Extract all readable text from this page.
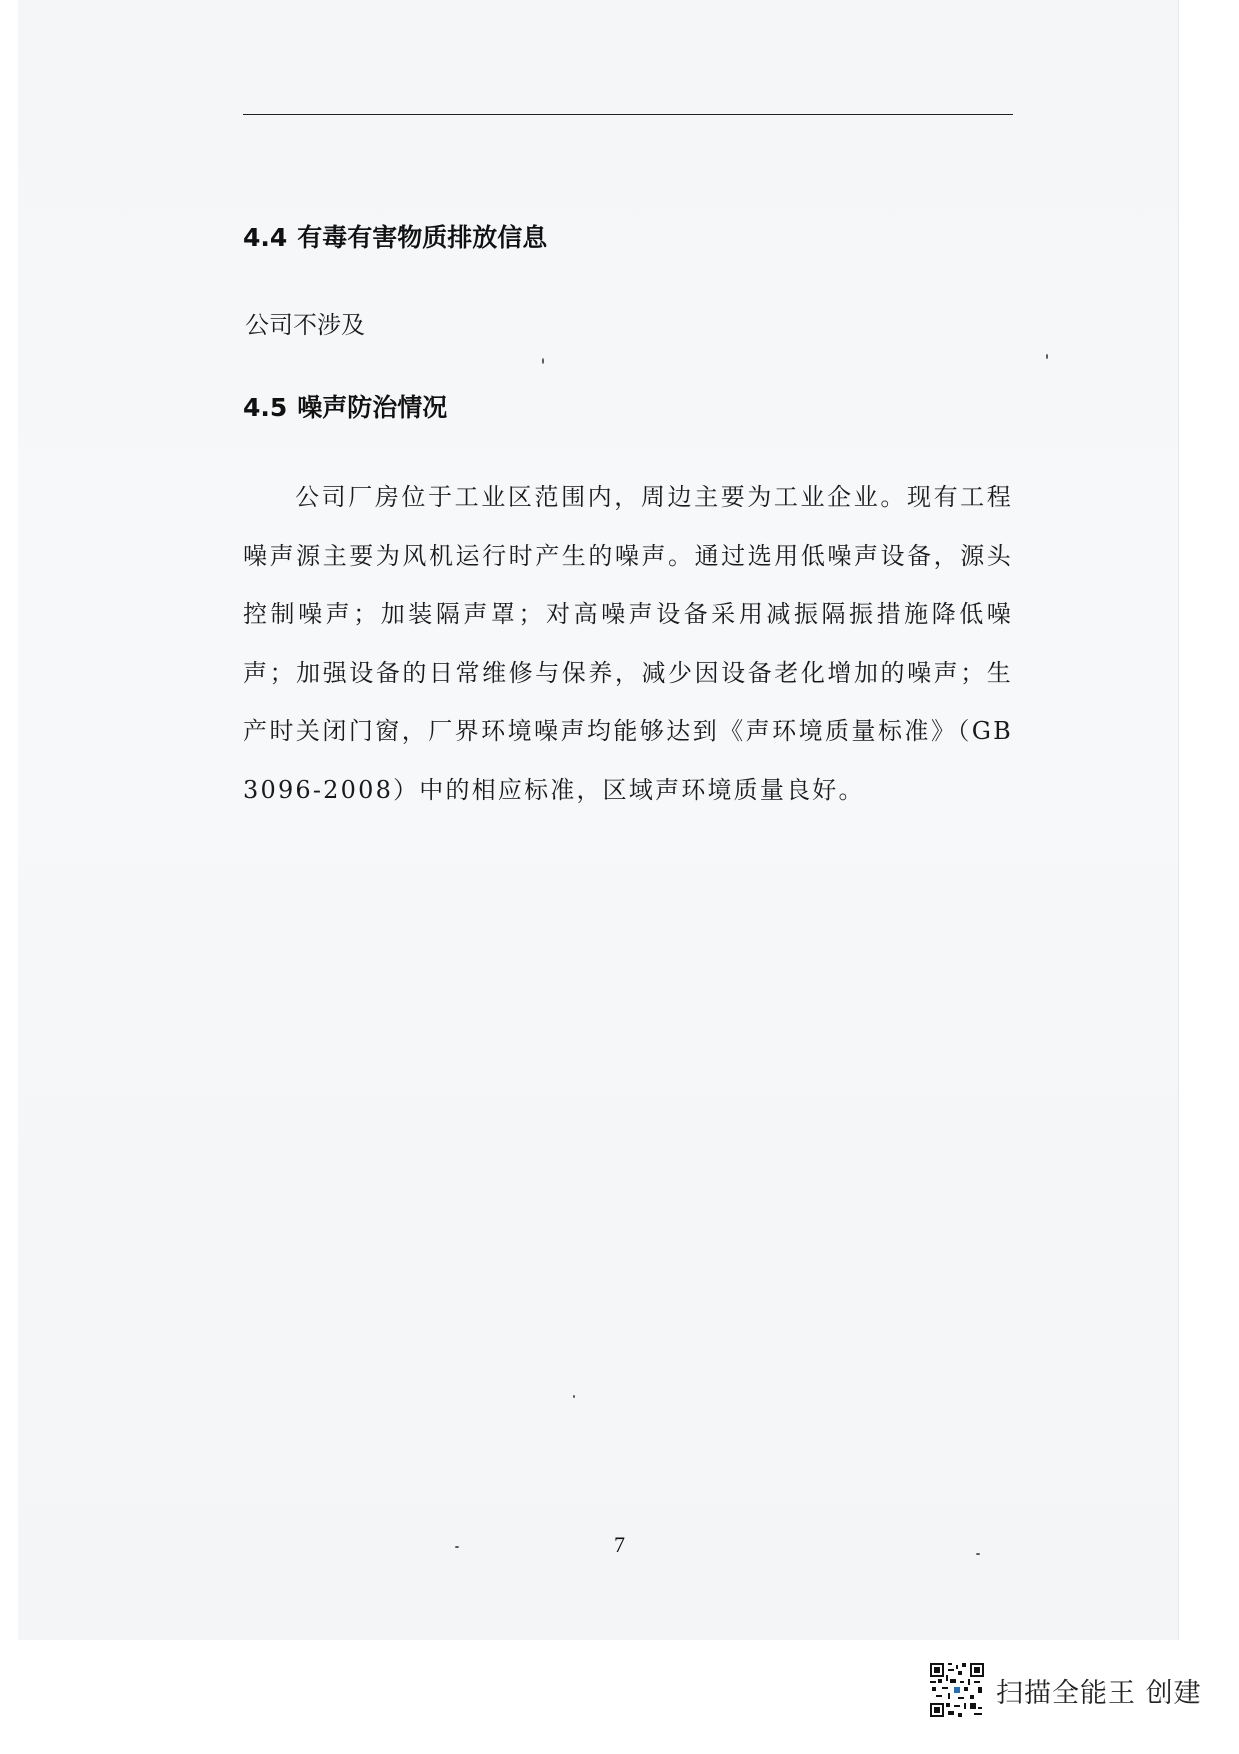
4.4 有毒有害物质排放信息
公司不涉及
4.5 噪声防治情况
公司厂房位于工业区范围内，周边主要为工业企业。现有工程噪声源主要为风机运行时产生的噪声。通过选用低噪声设备，源头控制噪声；加装隔声罩；对高噪声设备采用减振隔振措施降低噪声；加强设备的日常维修与保养，减少因设备老化增加的噪声；生产时关闭门窗，厂界环境噪声均能够达到《声环境质量标准》（GB 3096-2008）中的相应标准，区域声环境质量良好。
7
扫描全能王 创建
